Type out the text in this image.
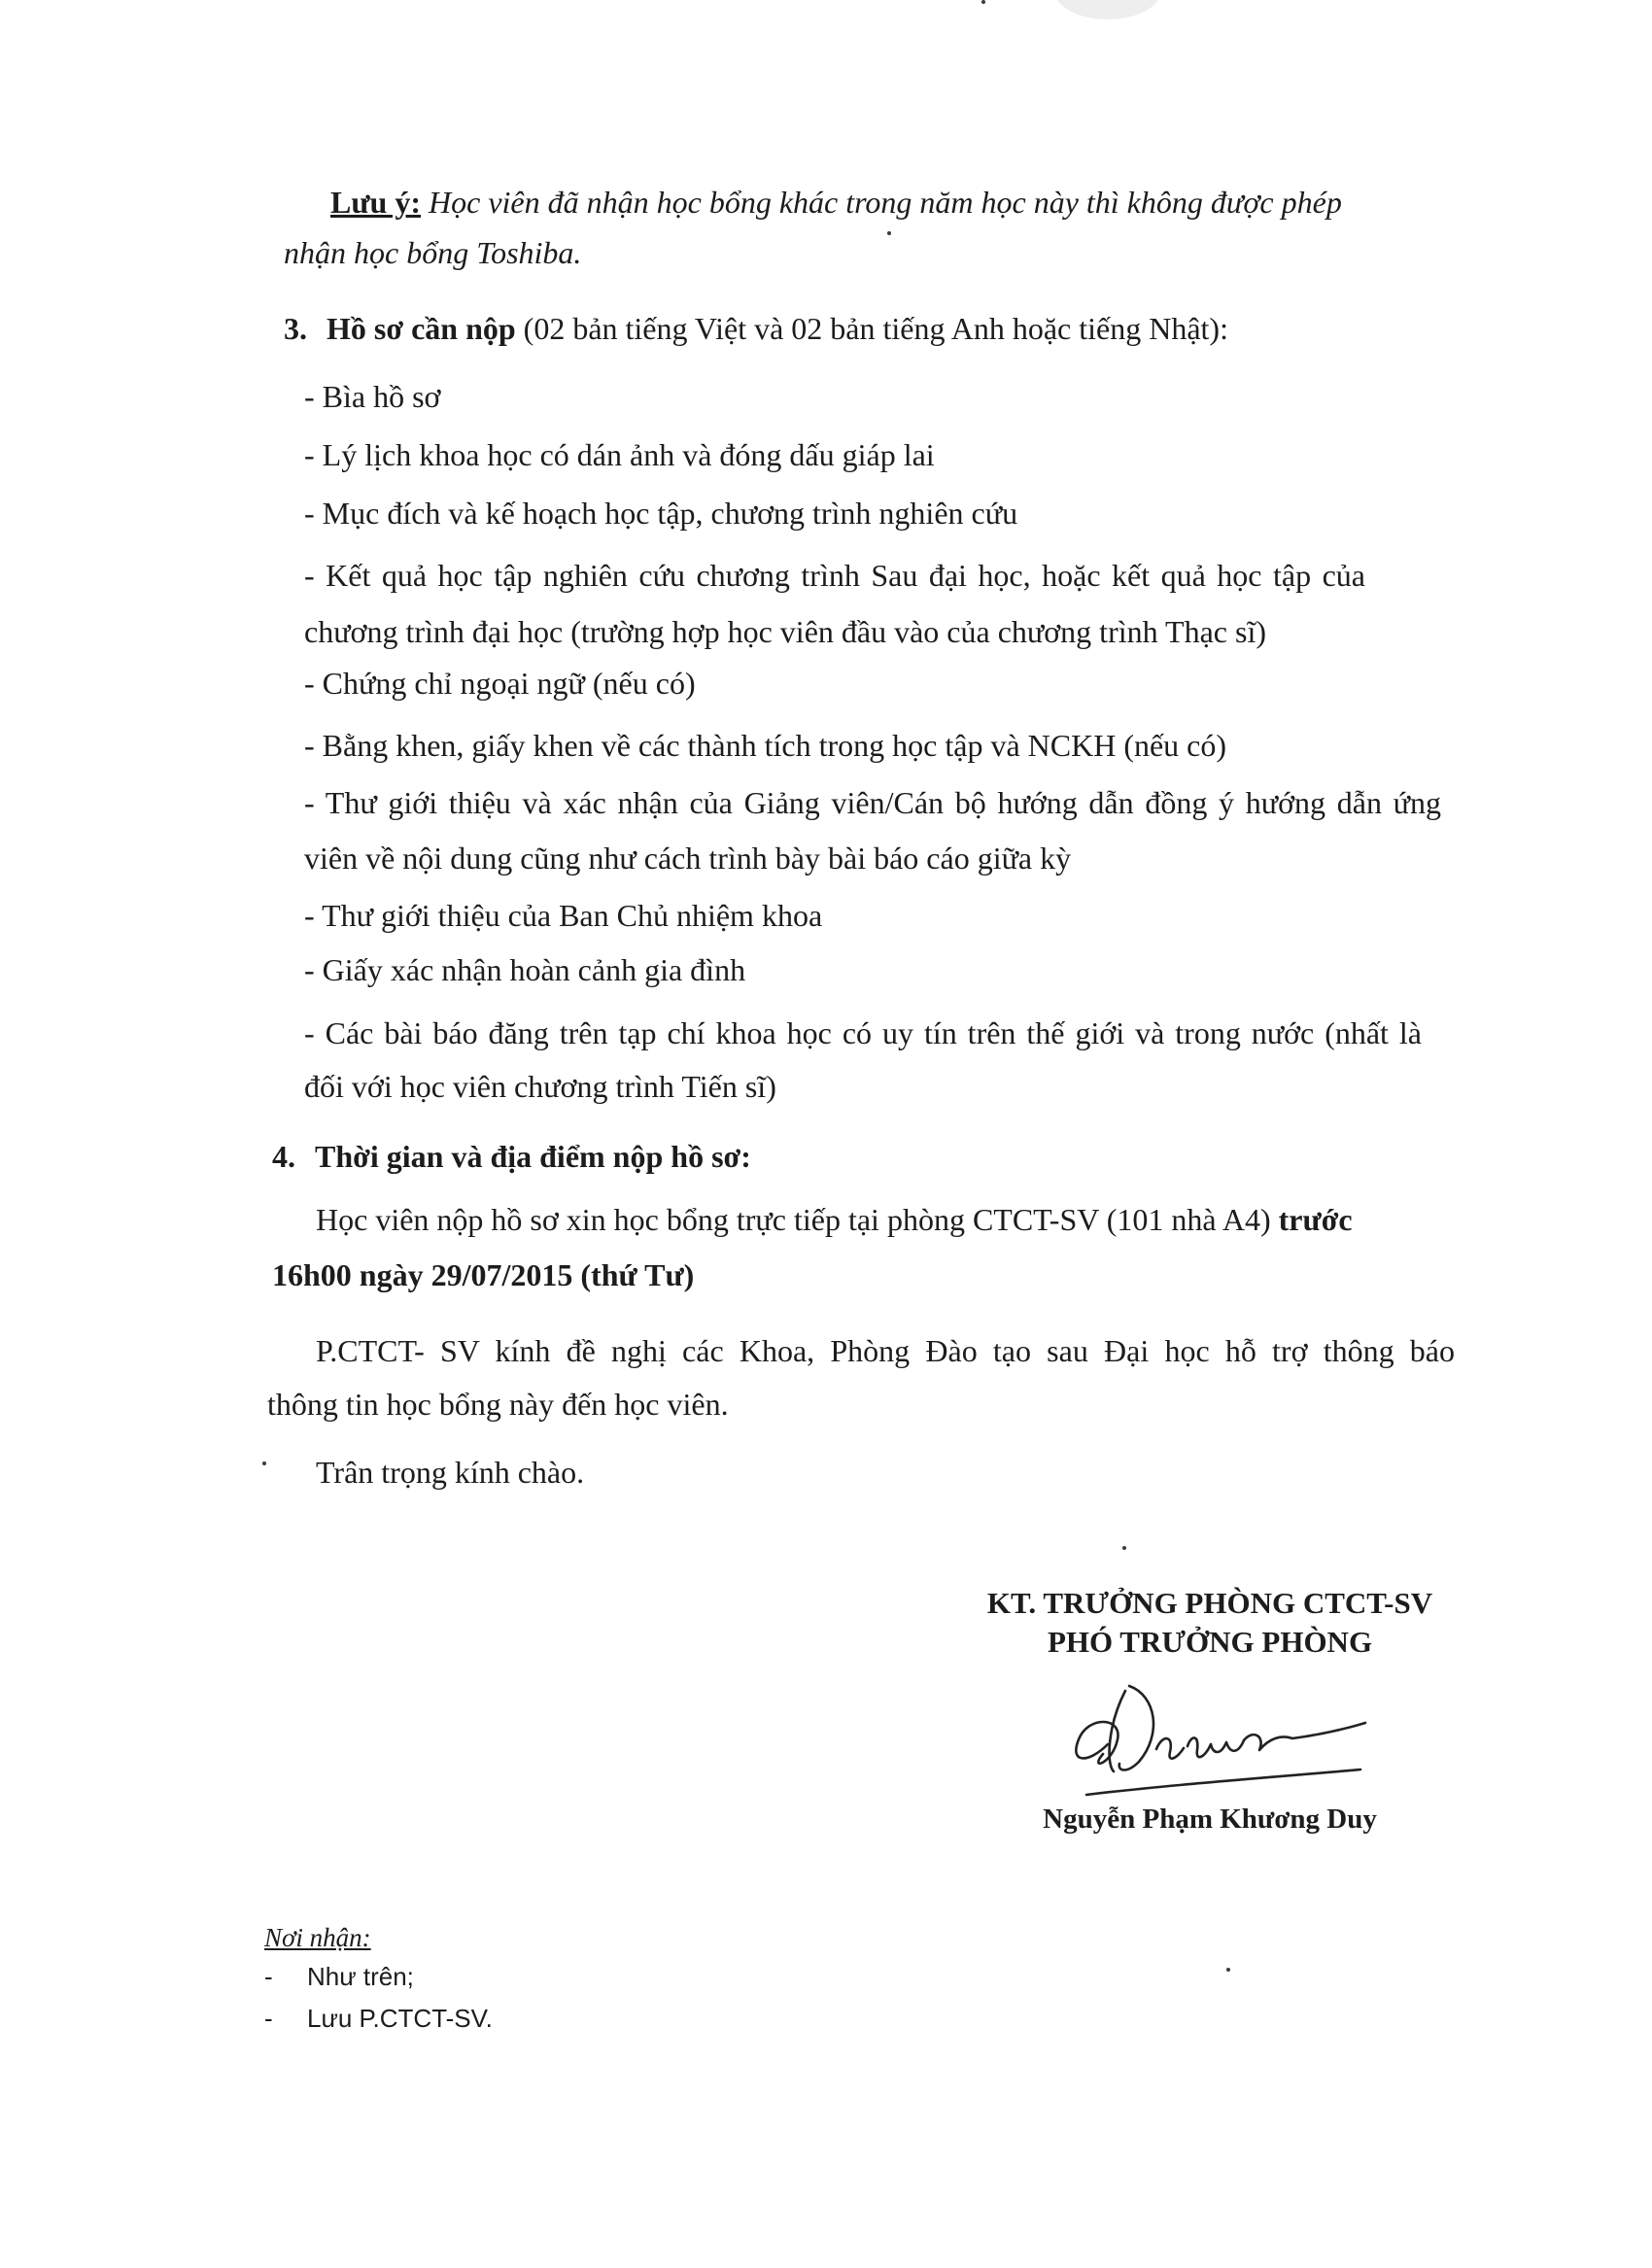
Lưu ý: Học viên đã nhận học bổng khác trong năm học này thì không được phép
nhận học bổng Toshiba.
3. Hồ sơ cần nộp (02 bản tiếng Việt và 02 bản tiếng Anh hoặc tiếng Nhật):
- Bìa hồ sơ
- Lý lịch khoa học có dán ảnh và đóng dấu giáp lai
- Mục đích và kế hoạch học tập, chương trình nghiên cứu
- Kết quả học tập nghiên cứu chương trình Sau đại học, hoặc kết quả học tập của
chương trình đại học (trường hợp học viên đầu vào của chương trình Thạc sĩ)
- Chứng chỉ ngoại ngữ (nếu có)
- Bằng khen, giấy khen về các thành tích trong học tập và NCKH (nếu có)
- Thư giới thiệu và xác nhận của Giảng viên/Cán bộ hướng dẫn đồng ý hướng dẫn ứng
viên về nội dung cũng như cách trình bày bài báo cáo giữa kỳ
- Thư giới thiệu của Ban Chủ nhiệm khoa
- Giấy xác nhận hoàn cảnh gia đình
- Các bài báo đăng trên tạp chí khoa học có uy tín trên thế giới và trong nước (nhất là
đối với học viên chương trình Tiến sĩ)
4. Thời gian và địa điểm nộp hồ sơ:
Học viên nộp hồ sơ xin học bổng trực tiếp tại phòng CTCT-SV (101 nhà A4) trước
16h00 ngày 29/07/2015 (thứ Tư)
P.CTCT- SV kính đề nghị các Khoa, Phòng Đào tạo sau Đại học hỗ trợ thông báo
thông tin học bổng này đến học viên.
Trân trọng kính chào.
KT. TRƯỞNG PHÒNG CTCT-SV
PHÓ TRƯỞNG PHÒNG
Nguyễn Phạm Khương Duy
Nơi nhận:
- Như trên;
- Lưu P.CTCT-SV.
